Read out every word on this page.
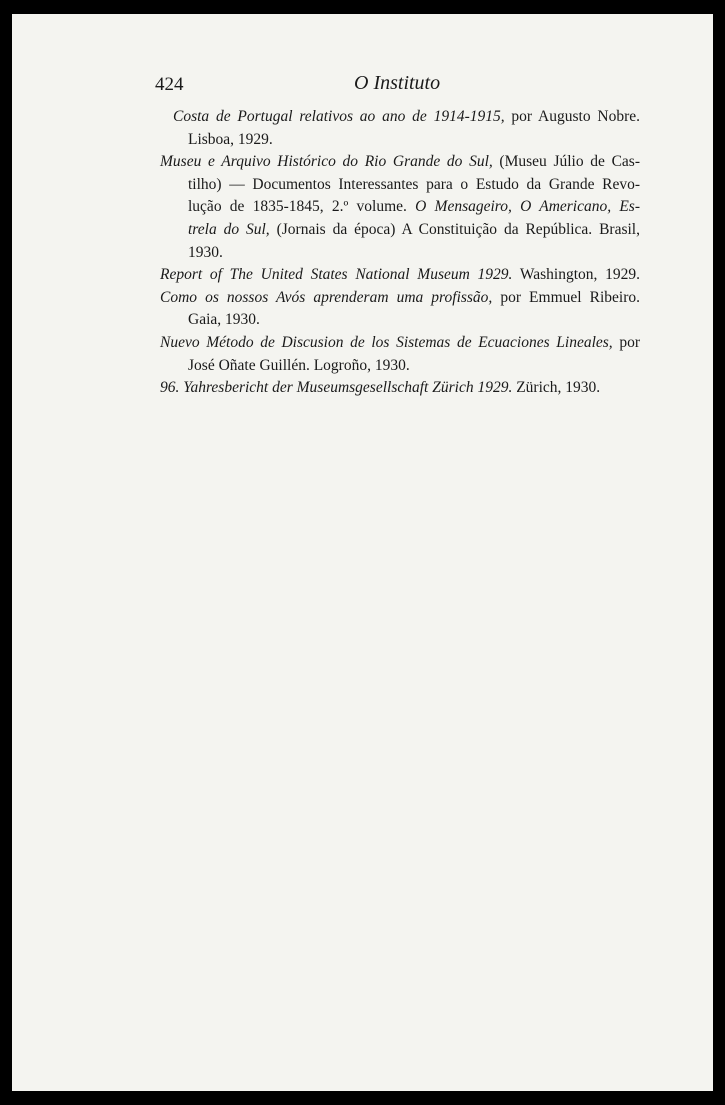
424	O Instituto
Costa de Portugal relativos ao ano de 1914-1915, por Augusto Nobre.
Lisboa, 1929.
Museu e Arquivo Histórico do Rio Grande do Sul, (Museu Júlio de Cas-
tilho) — Documentos Interessantes para o Estudo da Grande Revo-
lução de 1835-1845, 2.º volume. O Mensageiro, O Americano, Es-
trela do Sul, (Jornais da época) A Constituição da República. Brasil,
1930.
Report of The United States National Museum 1929. Washington, 1929.
Como os nossos Avós aprenderam uma profissão, por Emmuel Ribeiro.
Gaia, 1930.
Nuevo Método de Discusion de los Sistemas de Ecuaciones Lineales, por
José Oñate Guillén. Logroño, 1930.
96. Yahresbericht der Museumsgesellschaft Zürich 1929. Zürich, 1930.
